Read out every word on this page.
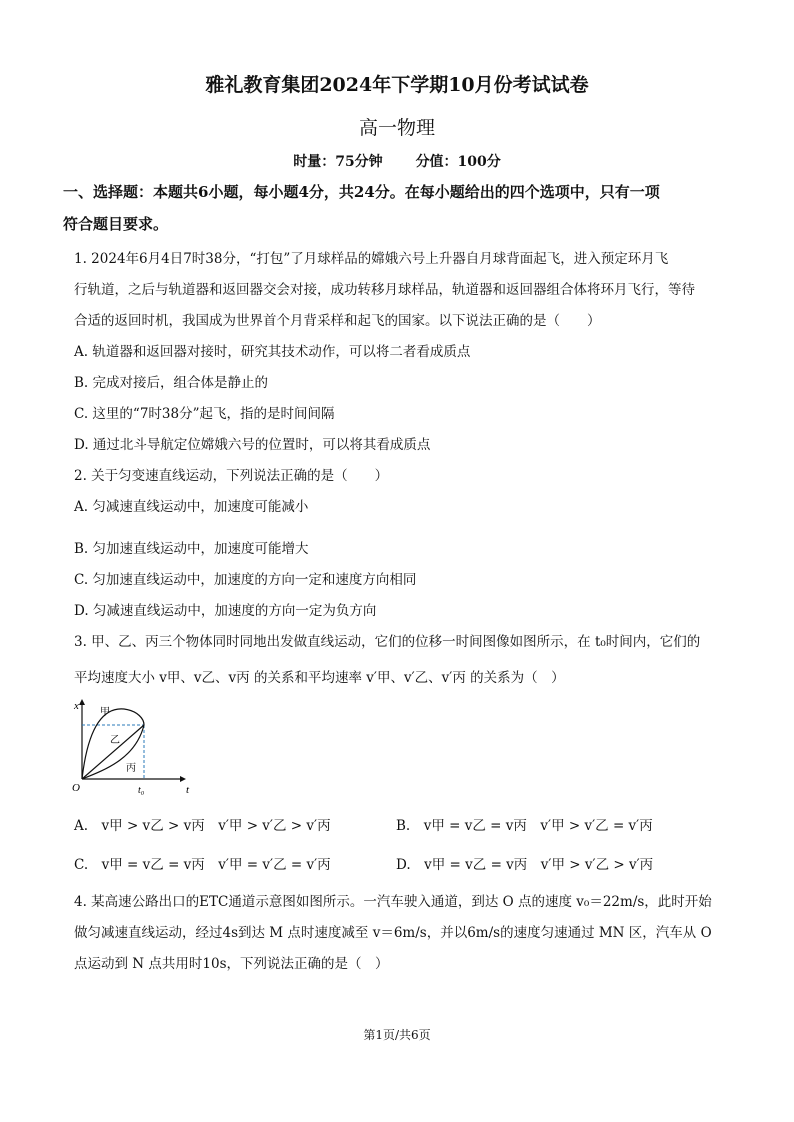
雅礼教育集团2024年下学期10月份考试试卷
高一物理
时量：75分钟 分值：100分
一、选择题：本题共6小题，每小题4分，共24分。在每小题给出的四个选项中，只有一项
符合题目要求。
1. 2024年6月4日7时38分，“打包”了月球样品的嫦娥六号上升器自月球背面起飞，进入预定环月飞
行轨道，之后与轨道器和返回器交会对接，成功转移月球样品，轨道器和返回器组合体将环月飞行，等待
合适的返回时机，我国成为世界首个月背采样和起飞的国家。以下说法正确的是（　　）
A. 轨道器和返回器对接时，研究其技术动作，可以将二者看成质点
B. 完成对接后，组合体是静止的
C. 这里的“7时38分”起飞，指的是时间间隔
D. 通过北斗导航定位嫦娥六号的位置时，可以将其看成质点
2. 关于匀变速直线运动，下列说法正确的是（　　）
A. 匀减速直线运动中，加速度可能减小
B. 匀加速直线运动中，加速度可能增大
C. 匀加速直线运动中，加速度的方向一定和速度方向相同
D. 匀减速直线运动中，加速度的方向一定为负方向
3. 甲、乙、丙三个物体同时同地出发做直线运动，它们的位移一时间图像如图所示，在 t₀时间内，它们的
平均速度大小 v甲、v乙、v丙 的关系和平均速率 v′甲、v′乙、v′丙 的关系为（　）
x
t
O	t₀
甲
乙
丙
A.　v甲 > v乙 > v丙　v′甲 > v′乙 > v′丙	B.　v甲 = v乙 = v丙　v′甲 > v′乙 = v′丙
C.　v甲 = v乙 = v丙　v′甲 = v′乙 = v′丙	D.　v甲 = v乙 = v丙　v′甲 > v′乙 > v′丙
4. 某高速公路出口的ETC通道示意图如图所示。一汽车驶入通道，到达 O 点的速度 v₀＝22m/s，此时开始
做匀减速直线运动，经过4s到达 M 点时速度减至 v＝6m/s，并以6m/s的速度匀速通过 MN 区，汽车从 O
点运动到 N 点共用时10s，下列说法正确的是（　）
第1页/共6页
